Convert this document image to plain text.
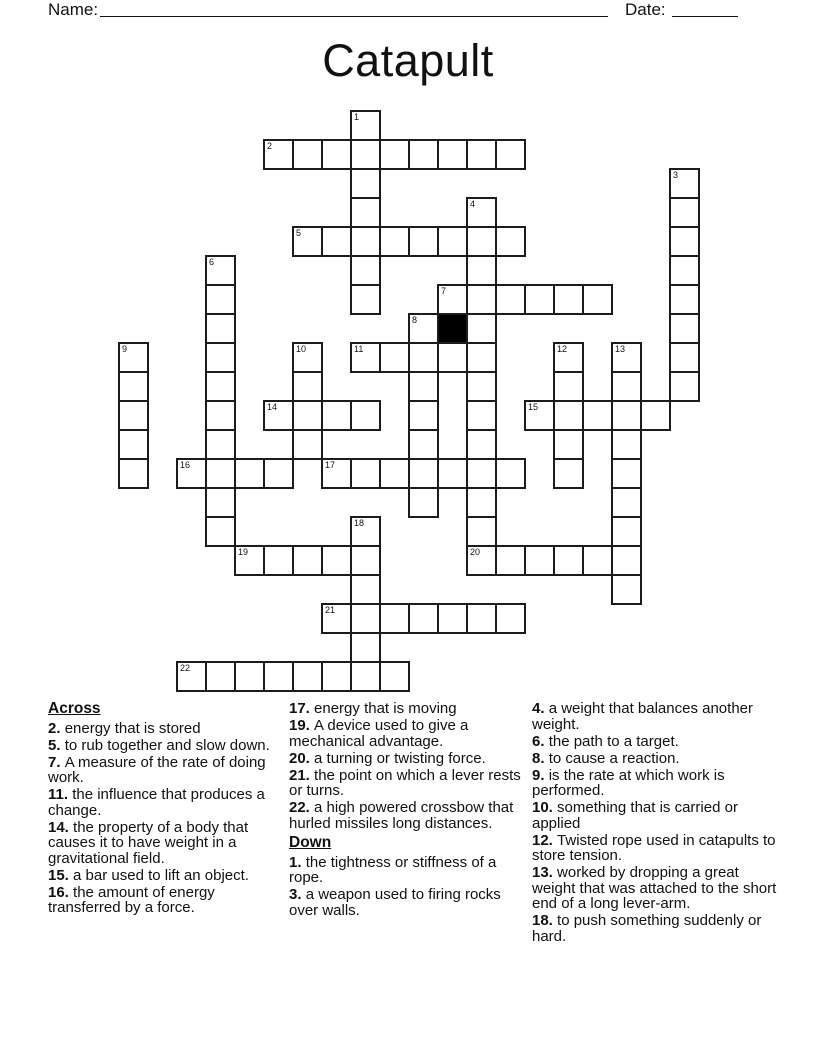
Name:	Date:
Catapult
1
2
3
4
20
5
6
7
8
9	10	11	12	13
14	15
16	17
18
19
21
22
Across

2. energy that is stored

5. to rub together and slow down.

7. A measure of the rate of doing work.

11. the influence that produces a change.

14. the property of a body that causes it to have weight in a gravitational field.

15. a bar used to lift an object.

16. the amount of energy transferred by a force.

17. energy that is moving

19. A device used to give a mechanical advantage.

20. a turning or twisting force.

21. the point on which a lever rests or turns.

22. a high powered crossbow that hurled missiles long distances.

Down

1. the tightness or stiffness of a rope.

3. a weapon used to firing rocks over walls.

4. a weight that balances another weight.

6. the path to a target.

8. to cause a reaction.

9. is the rate at which work is performed.

10. something that is carried or applied

12. Twisted rope used in catapults to store tension.

13. worked by dropping a great weight that was attached to the short end of a long lever-arm.

18. to push something suddenly or hard.
